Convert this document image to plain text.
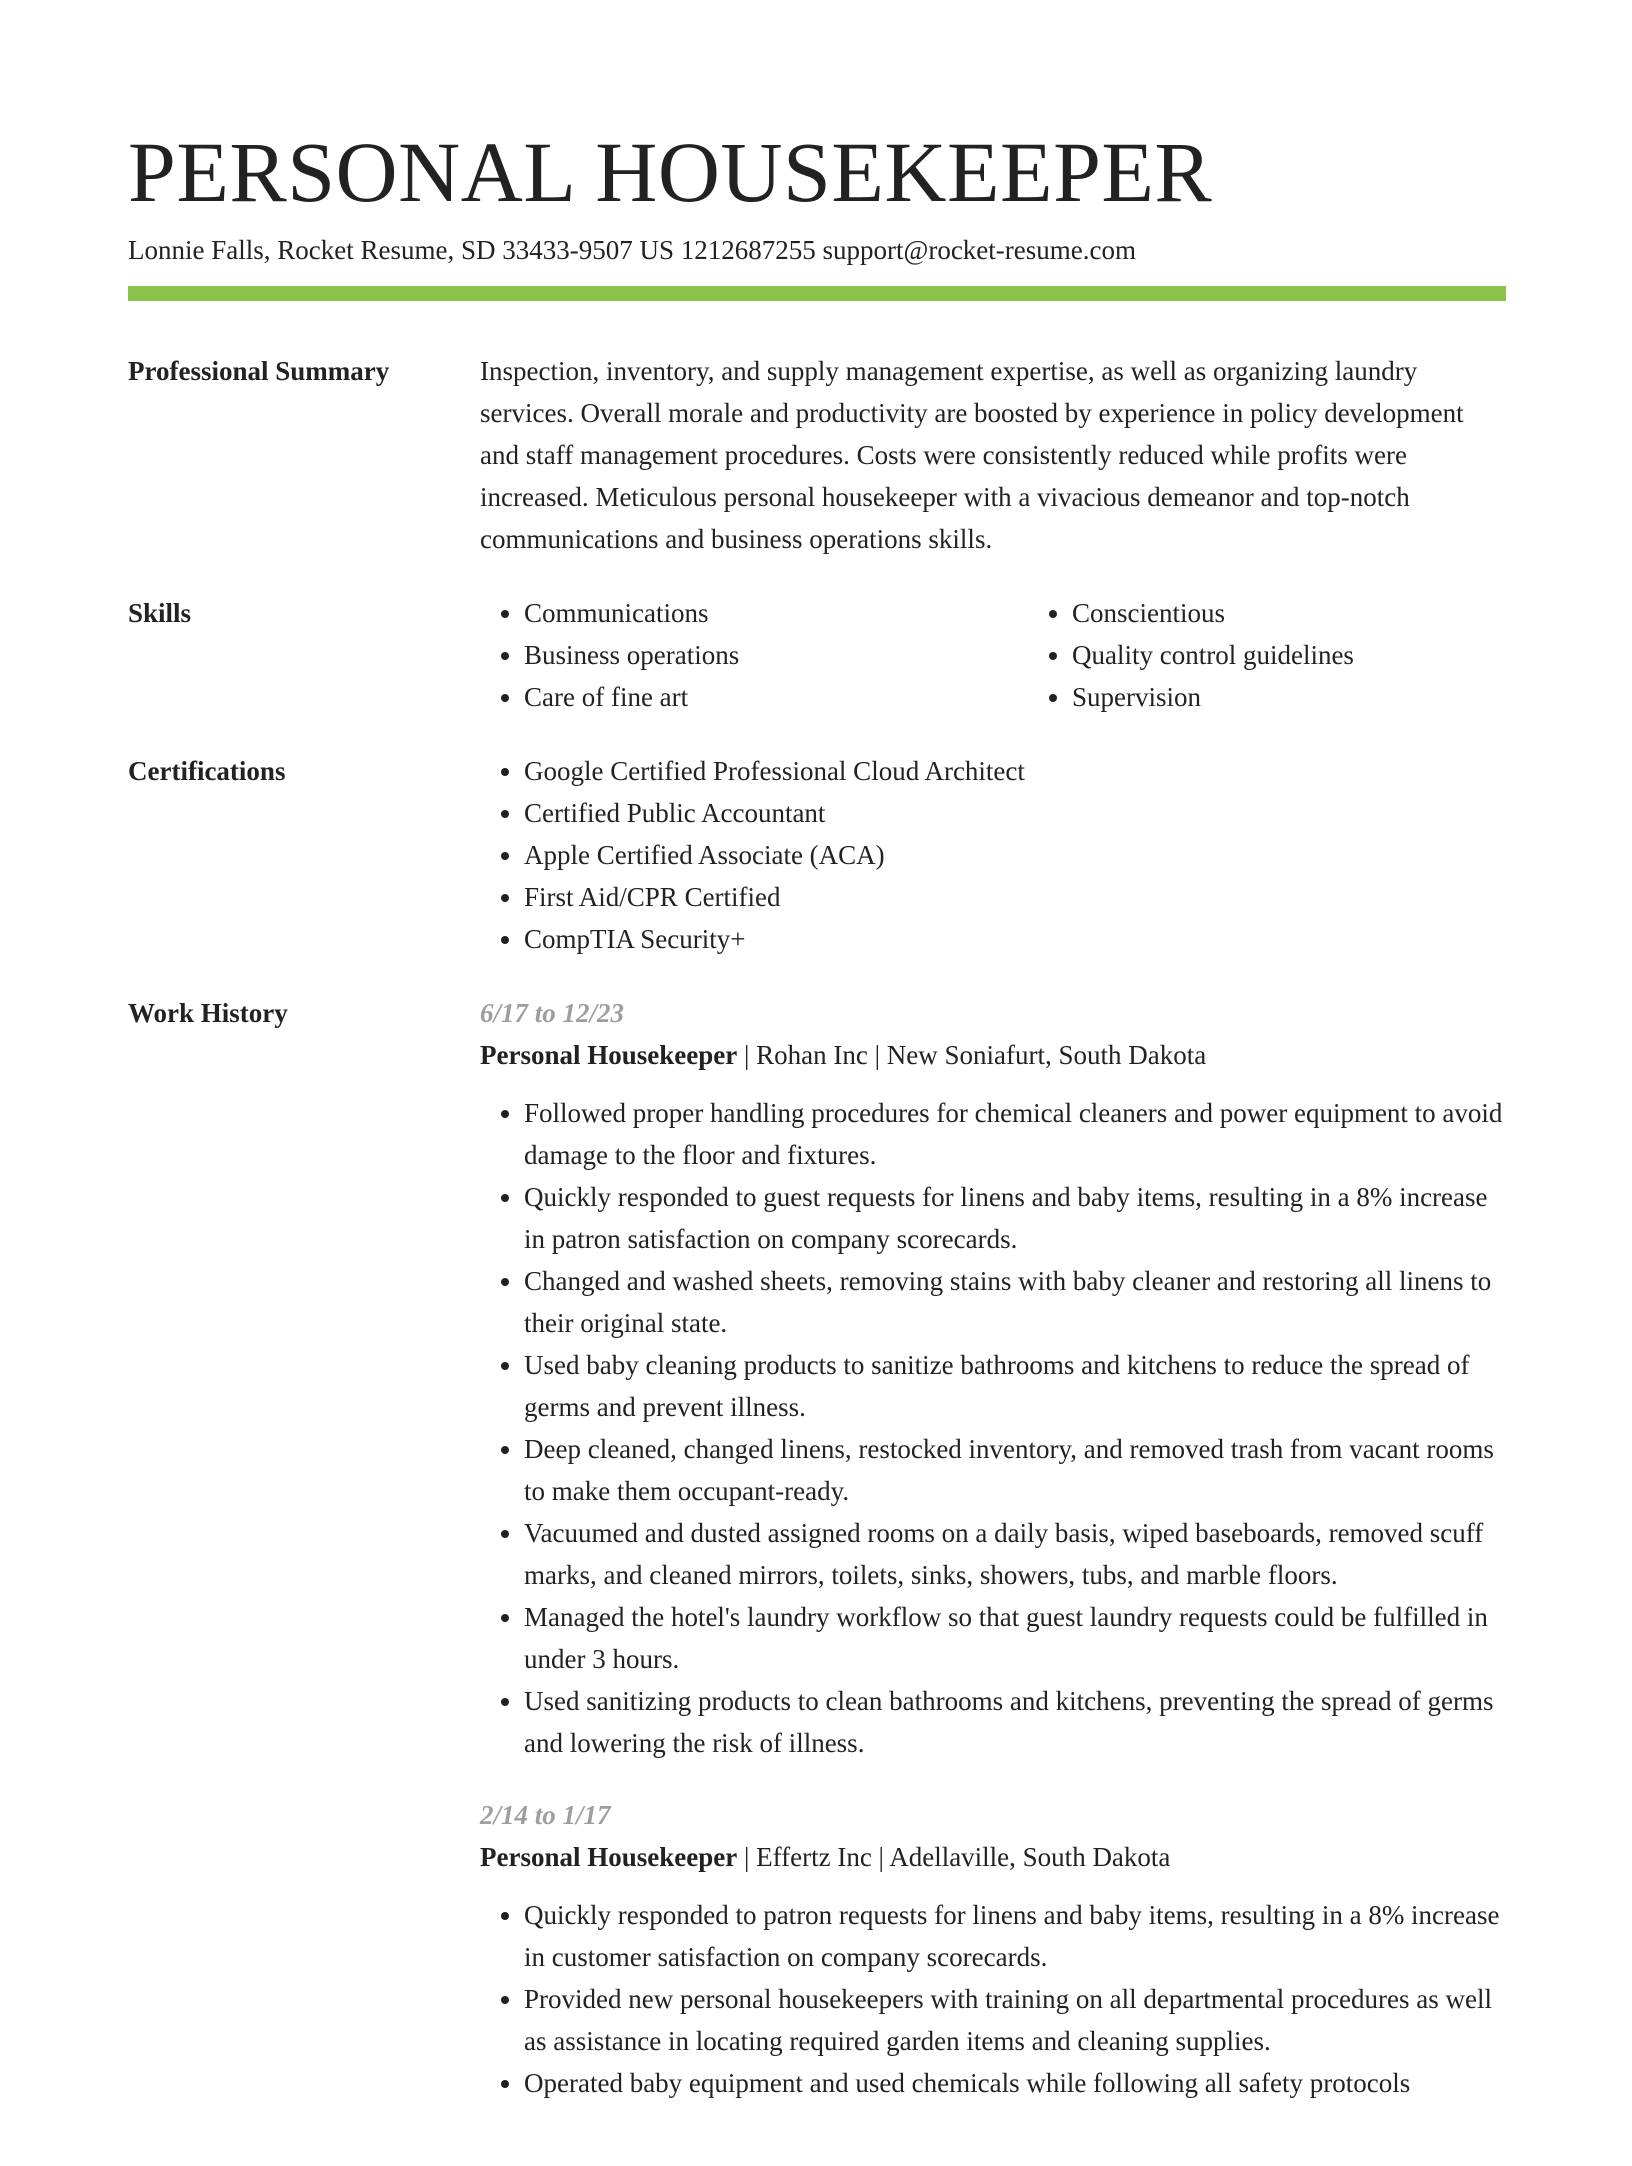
PERSONAL HOUSEKEEPER
Lonnie Falls, Rocket Resume, SD 33433-9507 US 1212687255 support@rocket-resume.com
Professional Summary	Inspection, inventory, and supply management expertise, as well as organizing laundry services. Overall morale and productivity are boosted by experience in policy development and staff management procedures. Costs were consistently reduced while profits were increased. Meticulous personal housekeeper with a vivacious demeanor and top-notch communications and business operations skills.

Skills	• Communications
• Business operations
• Care of fine art
• Conscientious
• Quality control guidelines
• Supervision
Certifications	• Google Certified Professional Cloud Architect
• Certified Public Accountant
• Apple Certified Associate (ACA)
• First Aid/CPR Certified
• CompTIA Security+
Work History	6/17 to 12/23
Personal Housekeeper | Rohan Inc | New Soniafurt, South Dakota
• Followed proper handling procedures for chemical cleaners and power equipment to avoid damage to the floor and fixtures.
• Quickly responded to guest requests for linens and baby items, resulting in a 8% increase in patron satisfaction on company scorecards.
• Changed and washed sheets, removing stains with baby cleaner and restoring all linens to their original state.
• Used baby cleaning products to sanitize bathrooms and kitchens to reduce the spread of germs and prevent illness.
• Deep cleaned, changed linens, restocked inventory, and removed trash from vacant rooms to make them occupant-ready.
• Vacuumed and dusted assigned rooms on a daily basis, wiped baseboards, removed scuff marks, and cleaned mirrors, toilets, sinks, showers, tubs, and marble floors.
• Managed the hotel's laundry workflow so that guest laundry requests could be fulfilled in under 3 hours.
• Used sanitizing products to clean bathrooms and kitchens, preventing the spread of germs and lowering the risk of illness.
2/14 to 1/17
Personal Housekeeper | Effertz Inc | Adellaville, South Dakota
• Quickly responded to patron requests for linens and baby items, resulting in a 8% increase in customer satisfaction on company scorecards.
• Provided new personal housekeepers with training on all departmental procedures as well as assistance in locating required garden items and cleaning supplies.
• Operated baby equipment and used chemicals while following all safety protocols
